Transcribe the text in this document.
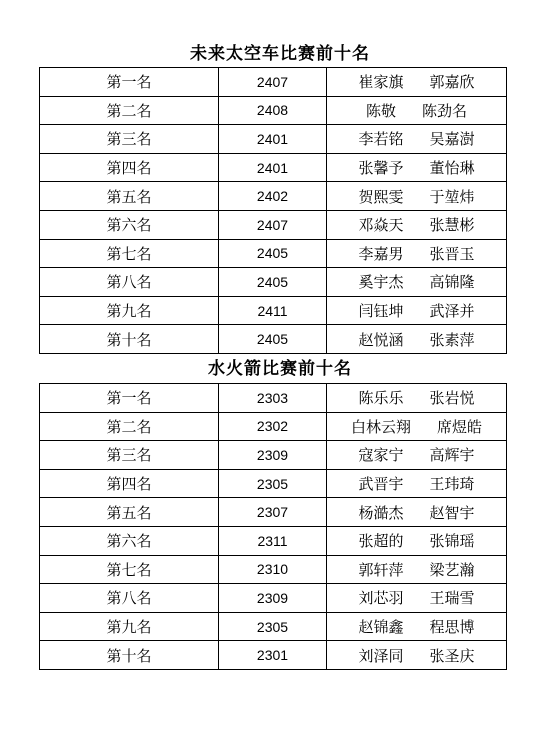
未来太空车比赛前十名
第一名	2407	崔家旗 郭嘉欣

第二名	2408	陈敬 陈劲名

第三名	2401	李若铭 吴嘉澍

第四名	2401	张馨予 董怡琳

第五名	2402	贺熙雯 于堃炜

第六名	2407	邓焱天 张慧彬

第七名	2405	李嘉男 张晋玉

第八名	2405	奚宇杰 高锦隆

第九名	2411	闫钰坤 武泽并

第十名	2405	赵悦涵 张素萍
水火箭比赛前十名
第一名	2303	陈乐乐 张岩悦

第二名	2302	白林云翔 席煜皓

第三名	2309	寇家宁 高辉宇

第四名	2305	武晋宇 王玮琦

第五名	2307	杨澔杰 赵智宇

第六名	2311	张超的 张锦瑶

第七名	2310	郭轩萍 梁艺瀚

第八名	2309	刘芯羽 王瑞雪

第九名	2305	赵锦鑫 程思博

第十名	2301	刘泽同 张圣庆
